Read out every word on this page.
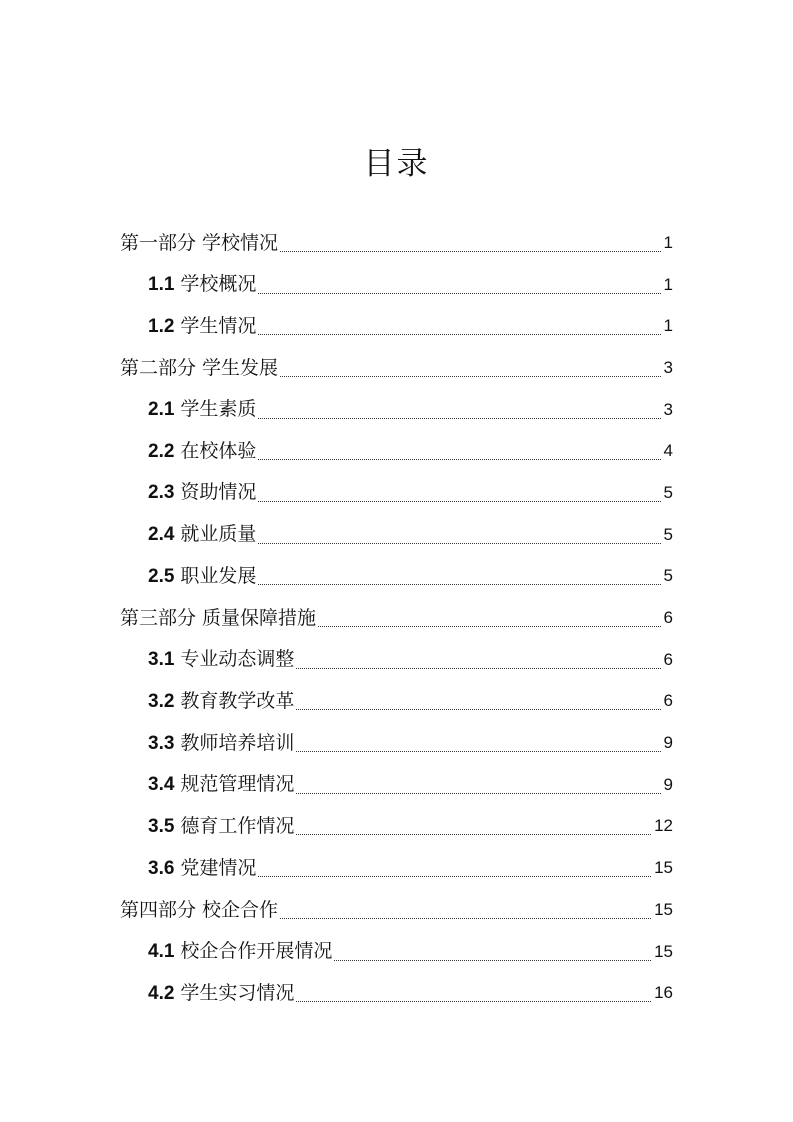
目录
第一部分 学校情况	1
1.1 学校概况	1
1.2 学生情况	1
第二部分 学生发展	3
2.1 学生素质	3
2.2 在校体验	4
2.3 资助情况	5
2.4 就业质量	5
2.5 职业发展	5
第三部分 质量保障措施	6
3.1 专业动态调整	6
3.2 教育教学改革	6
3.3 教师培养培训	9
3.4 规范管理情况	9
3.5 德育工作情况	12
3.6 党建情况	15
第四部分 校企合作	15
4.1 校企合作开展情况	15
4.2 学生实习情况	16
